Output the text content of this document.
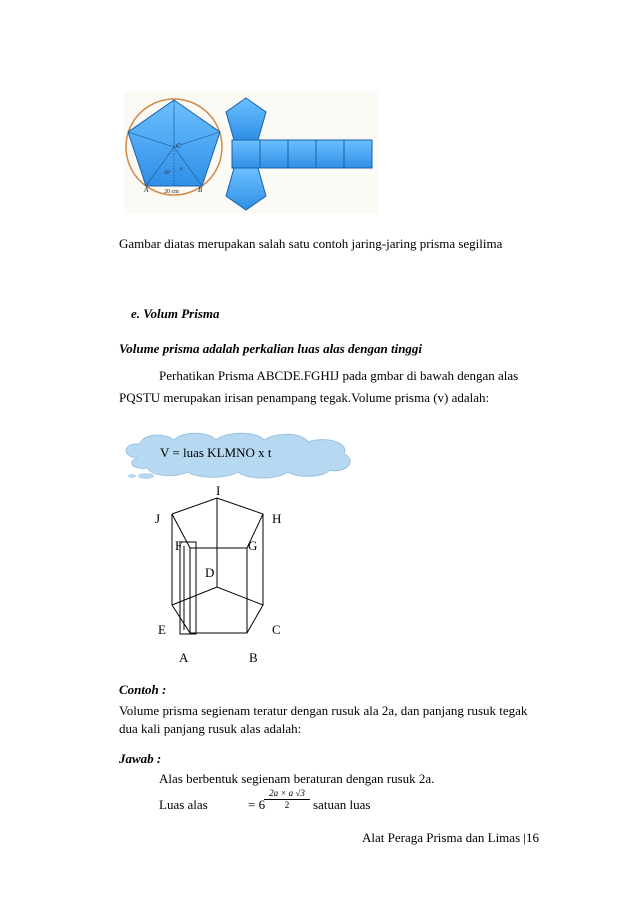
A	B
C
20 cm
36°
a
Gambar diatas merupakan salah satu contoh jaring-jaring prisma segilima
e. Volum Prisma
Volume prisma adalah perkalian luas alas dengan tinggi
Perhatikan Prisma ABCDE.FGHIJ pada gmbar di bawah dengan alas
PQSTU merupakan irisan penampang tegak.Volume prisma (v) adalah:
V = luas KLMNO x t
I
J	H
F	G
D
E	C
A	B
Contoh :
Volume prisma segienam teratur dengan rusuk ala 2a, dan panjang rusuk tegak
dua kali panjang rusuk alas adalah:
Jawab :
Alas berbentuk segienam beraturan dengan rusuk 2a.
Luas alas	= 6
$\frac{2a \times a √3}{2}$ satuan luas
Alat Peraga Prisma dan Limas |16
